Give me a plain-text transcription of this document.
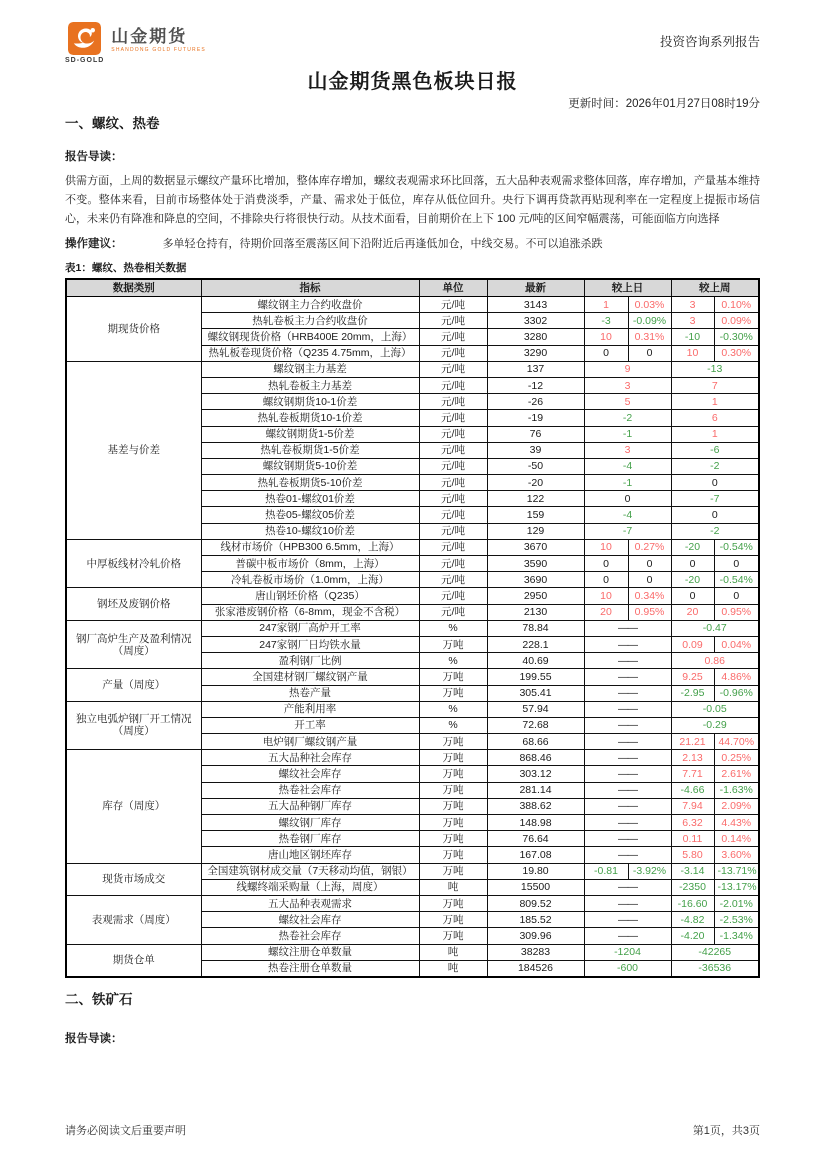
SD-GOLD
山金期货
SHANDONG GOLD FUTURES
投资咨询系列报告
山金期货黑色板块日报
更新时间：2026年01月27日08时19分
一、螺纹、热卷
报告导读：
供需方面，上周的数据显示螺纹产量环比增加，整体库存增加，螺纹表观需求环比回落，五大品种表观需求整体回落，库存增加，产量基本维持不变。整体来看，目前市场整体处于消费淡季，产量、需求处于低位，库存从低位回升。央行下调再贷款再贴现利率在一定程度上提振市场信心，未来仍有降准和降息的空间，不排除央行将很快行动。从技术面看，目前期价在上下 100 元/吨的区间窄幅震荡，可能面临方向选择
操作建议：	多单轻仓持有，待期价回落至震荡区间下沿附近后再逢低加仓，中线交易。不可以追涨杀跌
表1：螺纹、热卷相关数据
数据类别	指标	单位	最新	较上日		较上周	
期现货价格	螺纹钢主力合约收盘价	元/吨	3143	1	0.03%	3	0.10%
	热轧卷板主力合约收盘价	元/吨	3302	-3	-0.09%	3	0.09%
	螺纹钢现货价格（HRB400E 20mm，上海）	元/吨	3280	10	0.31%	-10	-0.30%
	热轧板卷现货价格（Q235 4.75mm，上海）	元/吨	3290	0	0	10	0.30%
基差与价差	螺纹钢主力基差	元/吨	137	9		-13	
	热轧卷板主力基差	元/吨	-12	3		7	
	螺纹钢期货10-1价差	元/吨	-26	5		1	
	热轧卷板期货10-1价差	元/吨	-19	-2		6	
	螺纹钢期货1-5价差	元/吨	76	-1		1	
	热轧卷板期货1-5价差	元/吨	39	3		-6	
	螺纹钢期货5-10价差	元/吨	-50	-4		-2	
	热轧卷板期货5-10价差	元/吨	-20	-1		0	
	热卷01-螺纹01价差	元/吨	122	0		-7	
	热卷05-螺纹05价差	元/吨	159	-4		0	
	热卷10-螺纹10价差	元/吨	129	-7		-2	
中厚板线材冷轧价格	线材市场价（HPB300 6.5mm，上海）	元/吨	3670	10	0.27%	-20	-0.54%
	普碳中板市场价（8mm，上海）	元/吨	3590	0	0	0	0
	冷轧卷板市场价（1.0mm，上海）	元/吨	3690	0	0	-20	-0.54%
钢坯及废钢价格	唐山钢坯价格（Q235）	元/吨	2950	10	0.34%	0	0
	张家港废钢价格（6-8mm，现金不含税）	元/吨	2130	20	0.95%	20	0.95%
钢厂高炉生产及盈利情况（周度）	247家钢厂高炉开工率	%	78.84	——		-0.47	
	247家钢厂日均铁水量	万吨	228.1	——		0.09	0.04%
	盈利钢厂比例	%	40.69	——		0.86	
产量（周度）	全国建材钢厂螺纹钢产量	万吨	199.55	——		9.25	4.86%
	热卷产量	万吨	305.41	——		-2.95	-0.96%
独立电弧炉钢厂开工情况（周度）	产能利用率	%	57.94	——		-0.05	
	开工率	%	72.68	——		-0.29	
	电炉钢厂螺纹钢产量	万吨	68.66	——		21.21	44.70%
库存（周度）	五大品种社会库存	万吨	868.46	——		2.13	0.25%
	螺纹社会库存	万吨	303.12	——		7.71	2.61%
	热卷社会库存	万吨	281.14	——		-4.66	-1.63%
	五大品种钢厂库存	万吨	388.62	——		7.94	2.09%
	螺纹钢厂库存	万吨	148.98	——		6.32	4.43%
	热卷钢厂库存	万吨	76.64	——		0.11	0.14%
	唐山地区钢坯库存	万吨	167.08	——		5.80	3.60%
现货市场成交	全国建筑钢材成交量（7天移动均值，钢银）	万吨	19.80	-0.81	-3.92%	-3.14	-13.71%
	线螺终端采购量（上海，周度）	吨	15500	——		-2350	-13.17%
表观需求（周度）	五大品种表观需求	万吨	809.52	——		-16.60	-2.01%
	螺纹社会库存	万吨	185.52	——		-4.82	-2.53%
	热卷社会库存	万吨	309.96	——		-4.20	-1.34%
期货仓单	螺纹注册仓单数量	吨	38283	-1204		-42265	
	热卷注册仓单数量	吨	184526	-600		-36536	
二、铁矿石
报告导读：
请务必阅读文后重要声明	第1页，共3页
